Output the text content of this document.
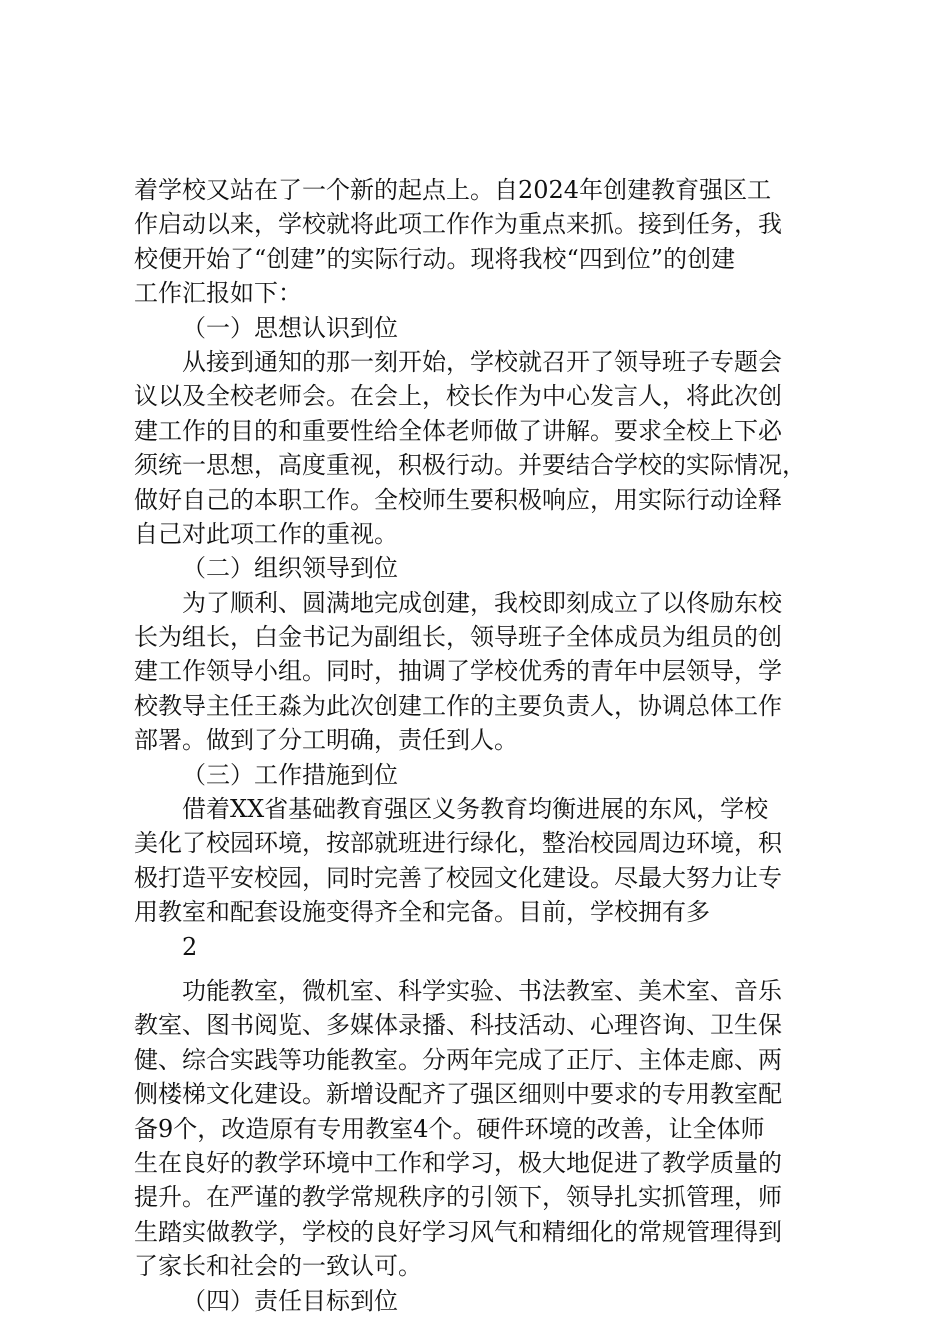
着学校又站在了一个新的起点上。自2024年创建教育强区工
作启动以来，学校就将此项工作作为重点来抓。接到任务，我
校便开始了“创建”的实际行动。现将我校“四到位”的创建
工作汇报如下：
（一）思想认识到位
从接到通知的那一刻开始，学校就召开了领导班子专题会
议以及全校老师会。在会上，校长作为中心发言人，将此次创
建工作的目的和重要性给全体老师做了讲解。要求全校上下必
须统一思想，高度重视，积极行动。并要结合学校的实际情况，
做好自己的本职工作。全校师生要积极响应，用实际行动诠释
自己对此项工作的重视。
（二）组织领导到位
为了顺利、圆满地完成创建，我校即刻成立了以佟励东校
长为组长，白金书记为副组长，领导班子全体成员为组员的创
建工作领导小组。同时，抽调了学校优秀的青年中层领导，学
校教导主任王淼为此次创建工作的主要负责人，协调总体工作
部署。做到了分工明确，责任到人。
（三）工作措施到位
借着XX省基础教育强区义务教育均衡进展的东风，学校
美化了校园环境，按部就班进行绿化，整治校园周边环境，积
极打造平安校园，同时完善了校园文化建设。尽最大努力让专
用教室和配套设施变得齐全和完备。目前，学校拥有多
2
功能教室，微机室、科学实验、书法教室、美术室、音乐
教室、图书阅览、多媒体录播、科技活动、心理咨询、卫生保
健、综合实践等功能教室。分两年完成了正厅、主体走廊、两
侧楼梯文化建设。新增设配齐了强区细则中要求的专用教室配
备9个，改造原有专用教室4个。硬件环境的改善，让全体师
生在良好的教学环境中工作和学习，极大地促进了教学质量的
提升。在严谨的教学常规秩序的引领下，领导扎实抓管理，师
生踏实做教学，学校的良好学习风气和精细化的常规管理得到
了家长和社会的一致认可。
（四）责任目标到位
